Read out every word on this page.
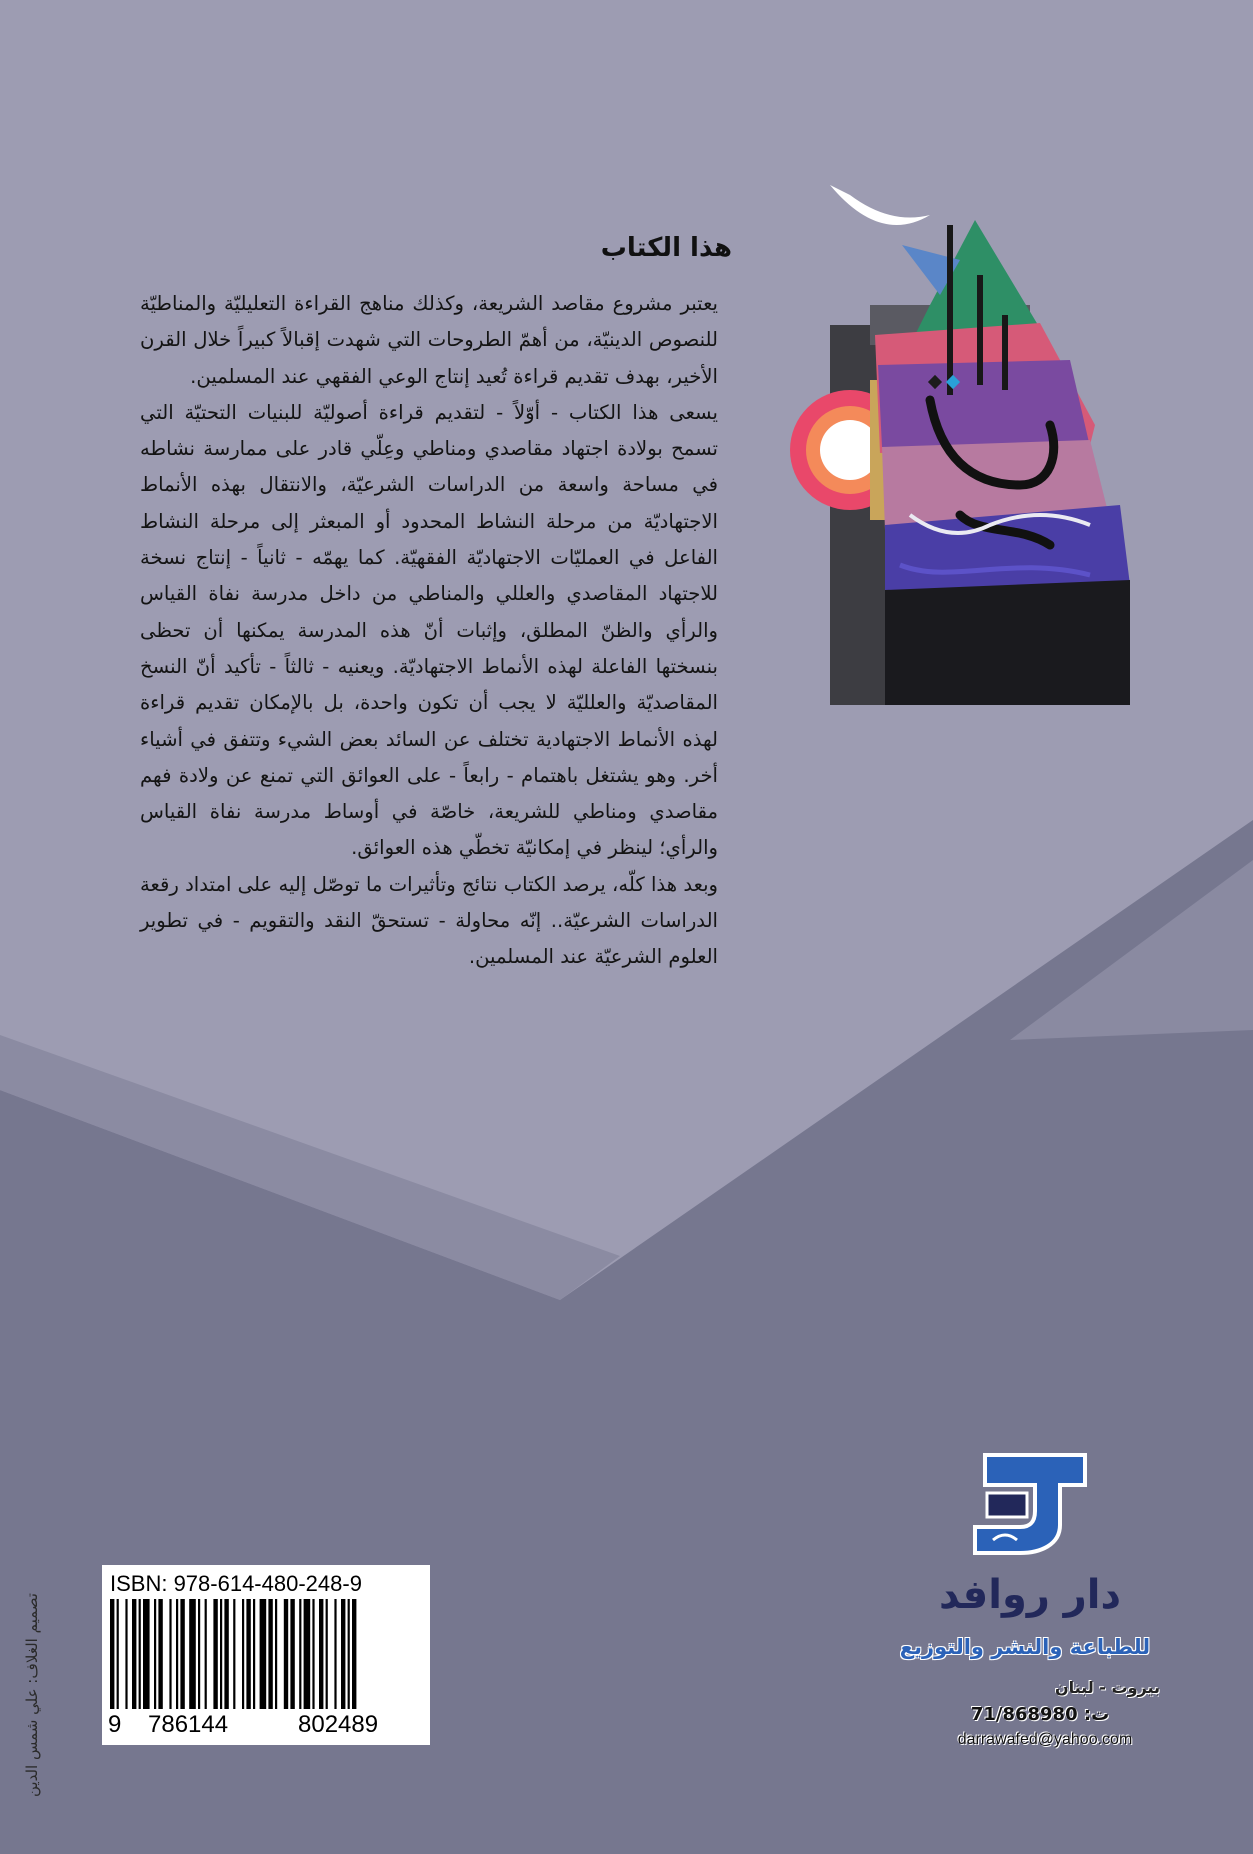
هذا الكتاب

يعتبر مشروع مقاصد الشريعة، وكذلك مناهج القراءة التعليليّة والمناطيّة للنصوص الدينيّة، من أهمّ الطروحات التي شهدت إقبالاً كبيراً خلال القرن الأخير، بهدف تقديم قراءة تُعيد إنتاج الوعي الفقهي عند المسلمين.

يسعى هذا الكتاب - أوّلاً - لتقديم قراءة أصوليّة للبنيات التحتيّة التي تسمح بولادة اجتهاد مقاصدي ومناطي وعِلّي قادر على ممارسة نشاطه في مساحة واسعة من الدراسات الشرعيّة، والانتقال بهذه الأنماط الاجتهاديّة من مرحلة النشاط المحدود أو المبعثر إلى مرحلة النشاط الفاعل في العمليّات الاجتهاديّة الفقهيّة. كما يهمّه - ثانياً - إنتاج نسخة للاجتهاد المقاصدي والعللي والمناطي من داخل مدرسة نفاة القياس والرأي والظنّ المطلق، وإثبات أنّ هذه المدرسة يمكنها أن تحظى بنسختها الفاعلة لهذه الأنماط الاجتهاديّة. ويعنيه - ثالثاً - تأكيد أنّ النسخ المقاصديّة والعلليّة لا يجب أن تكون واحدة، بل بالإمكان تقديم قراءة لهذه الأنماط الاجتهادية تختلف عن السائد بعض الشيء وتتفق في أشياء أخر. وهو يشتغل باهتمام - رابعاً - على العوائق التي تمنع عن ولادة فهم مقاصدي ومناطي للشريعة، خاصّة في أوساط مدرسة نفاة القياس والرأي؛ لينظر في إمكانيّة تخطّي هذه العوائق.

وبعد هذا كلّه، يرصد الكتاب نتائج وتأثيرات ما توصّل إليه على امتداد رقعة الدراسات الشرعيّة.. إنّه محاولة - تستحقّ النقد والتقويم - في تطوير العلوم الشرعيّة عند المسلمين.

ISBN: 978-614-480-248-9
9 786144	802489
تصميم الغلاف: علي شمس الدين	دار روافد
للطباعة والنشر والتوزيع
بيروت - لبنان
ت: 71/868980
darrawafed@yahoo.com
